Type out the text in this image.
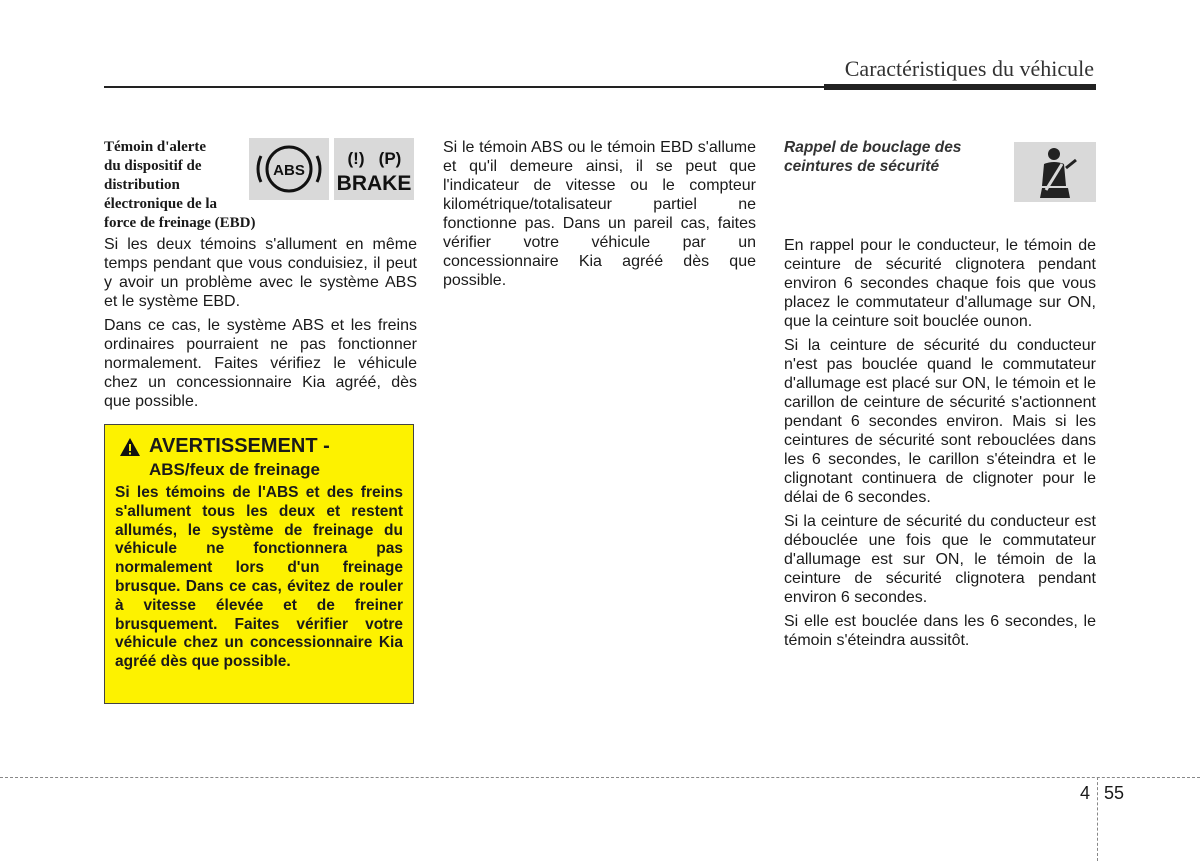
Caractéristiques du véhicule
Témoin d'alerte
du dispositif de
distribution
électronique de la
force de freinage (EBD)

Si les deux témoins s'allument en même temps pendant que vous conduisiez, il peut y avoir un problème avec le système ABS et le système EBD.

Dans ce cas, le système ABS et les freins ordinaires pourraient ne pas fonctionner normalement. Faites vérifiez le véhicule chez un concessionnaire Kia agréé, dès que possible.

ABS
(!) (P)
BRAKE
AVERTISSEMENT -
ABS/feux de freinage

Si les témoins de l'ABS et des freins s'allument tous les deux et restent allumés, le système de freinage du véhicule ne fonctionnera pas normalement lors d'un freinage brusque. Dans ce cas, évitez de rouler à vitesse élevée et de freiner brusquement. Faites vérifier votre véhicule chez un concessionnaire Kia agréé dès que possible.

Si le témoin ABS ou le témoin EBD s'allume et qu'il demeure ainsi, il se peut que l'indicateur de vitesse ou le compteur kilométrique/totalisateur partiel ne fonctionne pas. Dans un pareil cas, faites vérifier votre véhicule par un concessionnaire Kia agréé dès que possible.

Rappel de bouclage des ceintures de sécurité

En rappel pour le conducteur, le témoin de ceinture de sécurité clignotera pendant environ 6 secondes chaque fois que vous placez le commutateur d'allumage sur ON, que la ceinture soit bouclée ounon.

Si la ceinture de sécurité du conducteur n'est pas bouclée quand le commutateur d'allumage est placé sur ON, le témoin et le carillon de ceinture de sécurité s'actionnent pendant 6 secondes environ. Mais si les ceintures de sécurité sont rebouclées dans les 6 secondes, le carillon s'éteindra et le clignotant continuera de clignoter pour le délai de 6 secondes.

Si la ceinture de sécurité du conducteur est débouclée une fois que le commutateur d'allumage est sur ON, le témoin de la ceinture de sécurité clignotera pendant environ 6 secondes.

Si elle est bouclée dans les 6 secondes, le témoin s'éteindra aussitôt.

4 55
